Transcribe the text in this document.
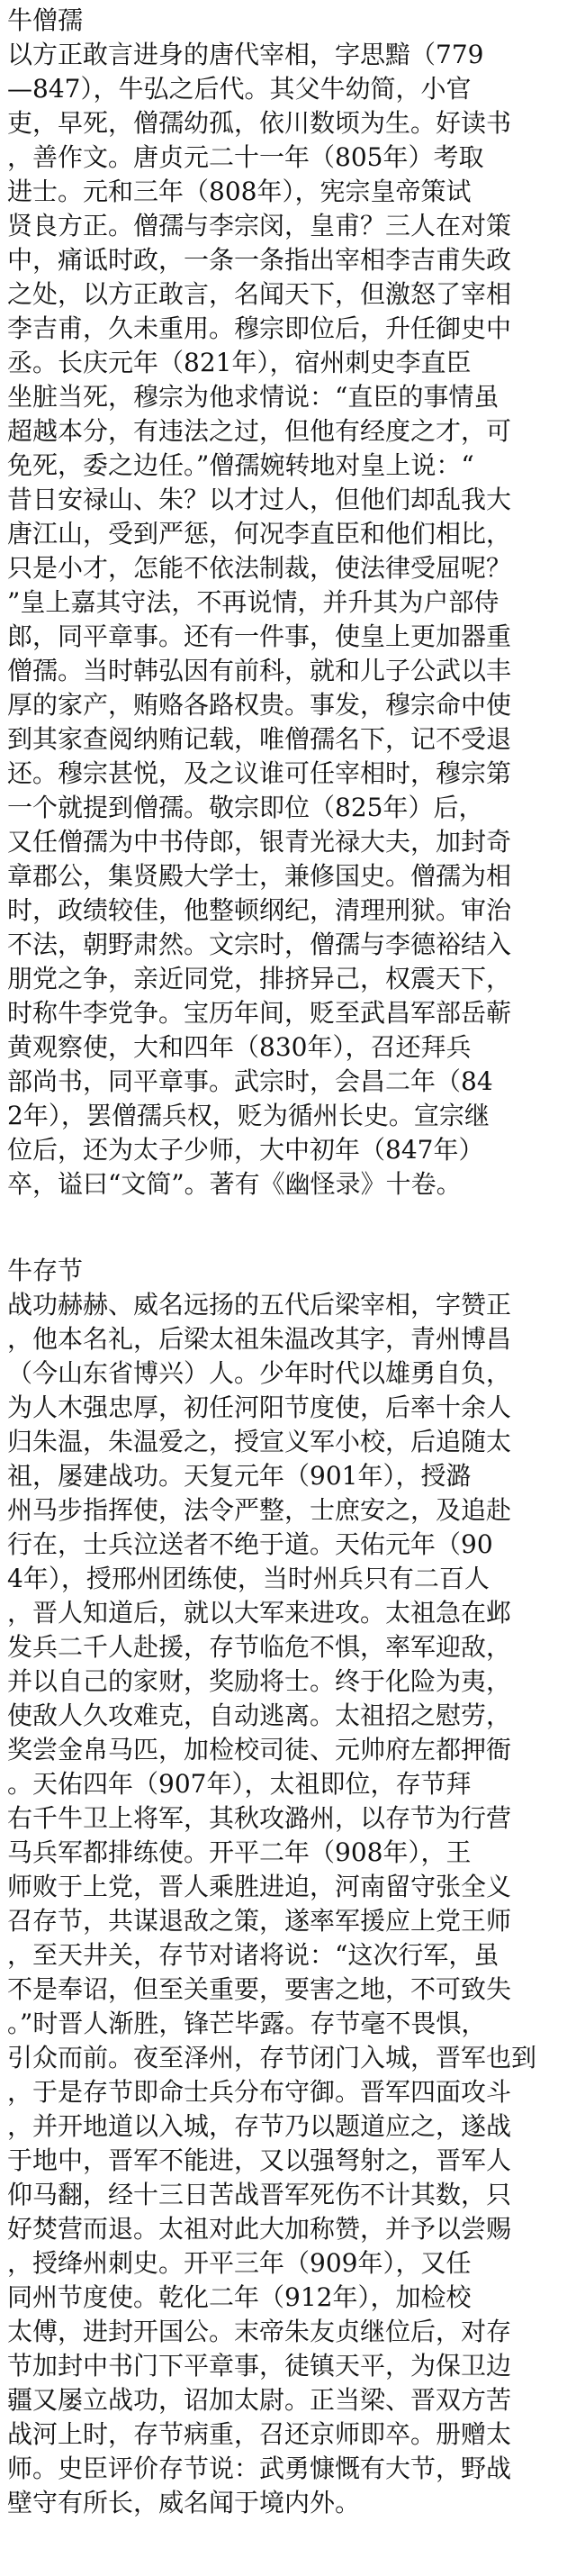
牛僧孺
以方正敢言进身的唐代宰相，字思黯（779
—847），牛弘之后代。其父牛幼简，小官
吏，早死，僧孺幼孤，依川数顷为生。好读书
，善作文。唐贞元二十一年（805年）考取
进士。元和三年（808年），宪宗皇帝策试
贤良方正。僧孺与李宗闵，皇甫？三人在对策
中，痛诋时政，一条一条指出宰相李吉甫失政
之处，以方正敢言，名闻天下，但激怒了宰相
李吉甫，久未重用。穆宗即位后，升任御史中
丞。长庆元年（821年），宿州刺史李直臣
坐脏当死，穆宗为他求情说：“直臣的事情虽
超越本分，有违法之过，但他有经度之才，可
免死，委之边任。”僧孺婉转地对皇上说：“
昔日安禄山、朱？以才过人，但他们却乱我大
唐江山，受到严惩，何况李直臣和他们相比，
只是小才，怎能不依法制裁，使法律受屈呢？
”皇上嘉其守法，不再说情，并升其为户部侍
郎，同平章事。还有一件事，使皇上更加器重
僧孺。当时韩弘因有前科，就和儿子公武以丰
厚的家产，贿赂各路权贵。事发，穆宗命中使
到其家查阅纳贿记载，唯僧孺名下，记不受退
还。穆宗甚悦，及之议谁可任宰相时，穆宗第
一个就提到僧孺。敬宗即位（825年）后，
又任僧孺为中书侍郎，银青光禄大夫，加封奇
章郡公，集贤殿大学士，兼修国史。僧孺为相
时，政绩较佳，他整顿纲纪，清理刑狱。审治
不法，朝野肃然。文宗时，僧孺与李德裕结入
朋党之争，亲近同党，排挤异己，权震天下，
时称牛李党争。宝历年间，贬至武昌军部岳蕲
黄观察使，大和四年（830年），召还拜兵
部尚书，同平章事。武宗时，会昌二年（84
2年），罢僧孺兵权，贬为循州长史。宣宗继
位后，还为太子少师，大中初年（847年）
卒，谥曰“文简”。著有《幽怪录》十卷。
牛存节
战功赫赫、威名远扬的五代后梁宰相，字赞正
，他本名礼，后梁太祖朱温改其字，青州博昌
（今山东省博兴）人。少年时代以雄勇自负，
为人木强忠厚，初任河阳节度使，后率十余人
归朱温，朱温爱之，授宣义军小校，后追随太
祖，屡建战功。天复元年（901年），授潞
州马步指挥使，法令严整，士庶安之，及追赴
行在，士兵泣送者不绝于道。天佑元年（90
4年），授邢州团练使，当时州兵只有二百人
，晋人知道后，就以大军来进攻。太祖急在邺
发兵二千人赴援，存节临危不惧，率军迎敌，
并以自己的家财，奖励将士。终于化险为夷，
使敌人久攻难克，自动逃离。太祖招之慰劳，
奖尝金帛马匹，加检校司徒、元帅府左都押衙
。天佑四年（907年），太祖即位，存节拜
右千牛卫上将军，其秋攻潞州，以存节为行营
马兵军都排练使。开平二年（908年），王
师败于上党，晋人乘胜进迫，河南留守张全义
召存节，共谋退敌之策，遂率军援应上党王师
，至天井关，存节对诸将说：“这次行军，虽
不是奉诏，但至关重要，要害之地，不可致失
。”时晋人渐胜，锋芒毕露。存节毫不畏惧，
引众而前。夜至泽州，存节闭门入城，晋军也到
，于是存节即命士兵分布守御。晋军四面攻斗
，并开地道以入城，存节乃以题道应之，遂战
于地中，晋军不能进，又以强弩射之，晋军人
仰马翻，经十三日苦战晋军死伤不计其数，只
好焚营而退。太祖对此大加称赞，并予以尝赐
，授绛州刺史。开平三年（909年），又任
同州节度使。乾化二年（912年），加检校
太傅，进封开国公。末帝朱友贞继位后，对存
节加封中书门下平章事，徒镇天平，为保卫边
疆又屡立战功，诏加太尉。正当梁、晋双方苦
战河上时，存节病重，召还京师即卒。册赠太
师。史臣评价存节说：武勇慷慨有大节，野战
壁守有所长，威名闻于境内外。
